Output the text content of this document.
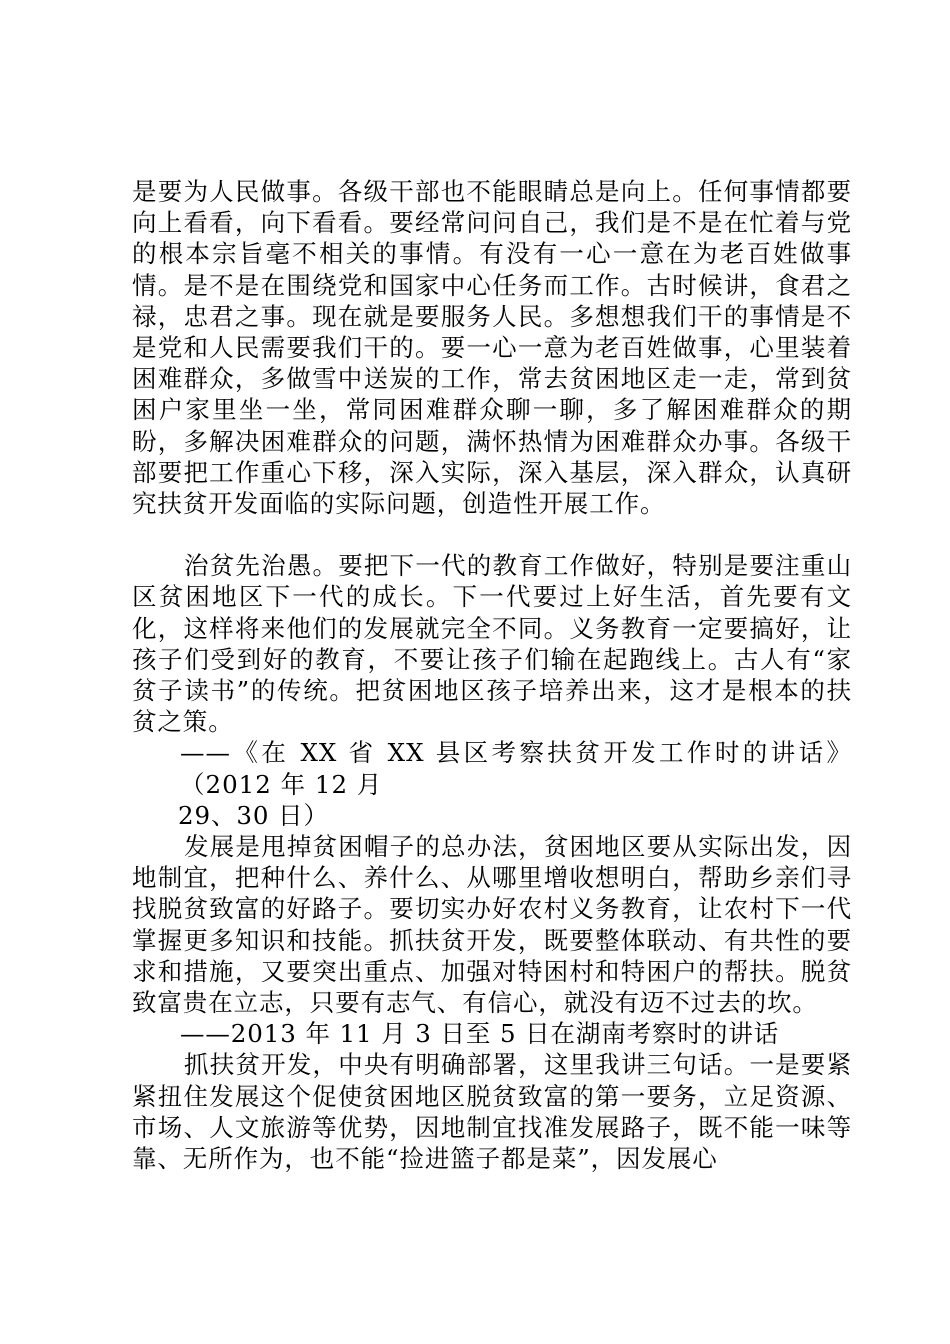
是要为人民做事。各级干部也不能眼睛总是向上。任何事情都要向上看看，向下看看。要经常问问自己，我们是不是在忙着与党的根本宗旨毫不相关的事情。有没有一心一意在为老百姓做事情。是不是在围绕党和国家中心任务而工作。古时候讲，食君之禄，忠君之事。现在就是要服务人民。多想想我们干的事情是不是党和人民需要我们干的。要一心一意为老百姓做事，心里装着困难群众，多做雪中送炭的工作，常去贫困地区走一走，常到贫困户家里坐一坐，常同困难群众聊一聊，多了解困难群众的期盼，多解决困难群众的问题，满怀热情为困难群众办事。各级干部要把工作重心下移，深入实际，深入基层，深入群众，认真研究扶贫开发面临的实际问题，创造性开展工作。

治贫先治愚。要把下一代的教育工作做好，特别是要注重山区贫困地区下一代的成长。下一代要过上好生活，首先要有文化，这样将来他们的发展就完全不同。义务教育一定要搞好，让孩子们受到好的教育，不要让孩子们输在起跑线上。古人有“家贫子读书”的传统。把贫困地区孩子培养出来，这才是根本的扶贫之策。

——《在 XX 省 XX 县区考察扶贫开发工作时的讲话》（2012 年 12 月

29、30 日）

发展是甩掉贫困帽子的总办法，贫困地区要从实际出发，因地制宜，把种什么、养什么、从哪里增收想明白，帮助乡亲们寻找脱贫致富的好路子。要切实办好农村义务教育，让农村下一代掌握更多知识和技能。抓扶贫开发，既要整体联动、有共性的要求和措施，又要突出重点、加强对特困村和特困户的帮扶。脱贫致富贵在立志，只要有志气、有信心，就没有迈不过去的坎。

——2013 年 11 月 3 日至 5 日在湖南考察时的讲话

抓扶贫开发，中央有明确部署，这里我讲三句话。一是要紧紧扭住发展这个促使贫困地区脱贫致富的第一要务，立足资源、市场、人文旅游等优势，因地制宜找准发展路子，既不能一味等靠、无所作为，也不能“捡进篮子都是菜”，因发展心
